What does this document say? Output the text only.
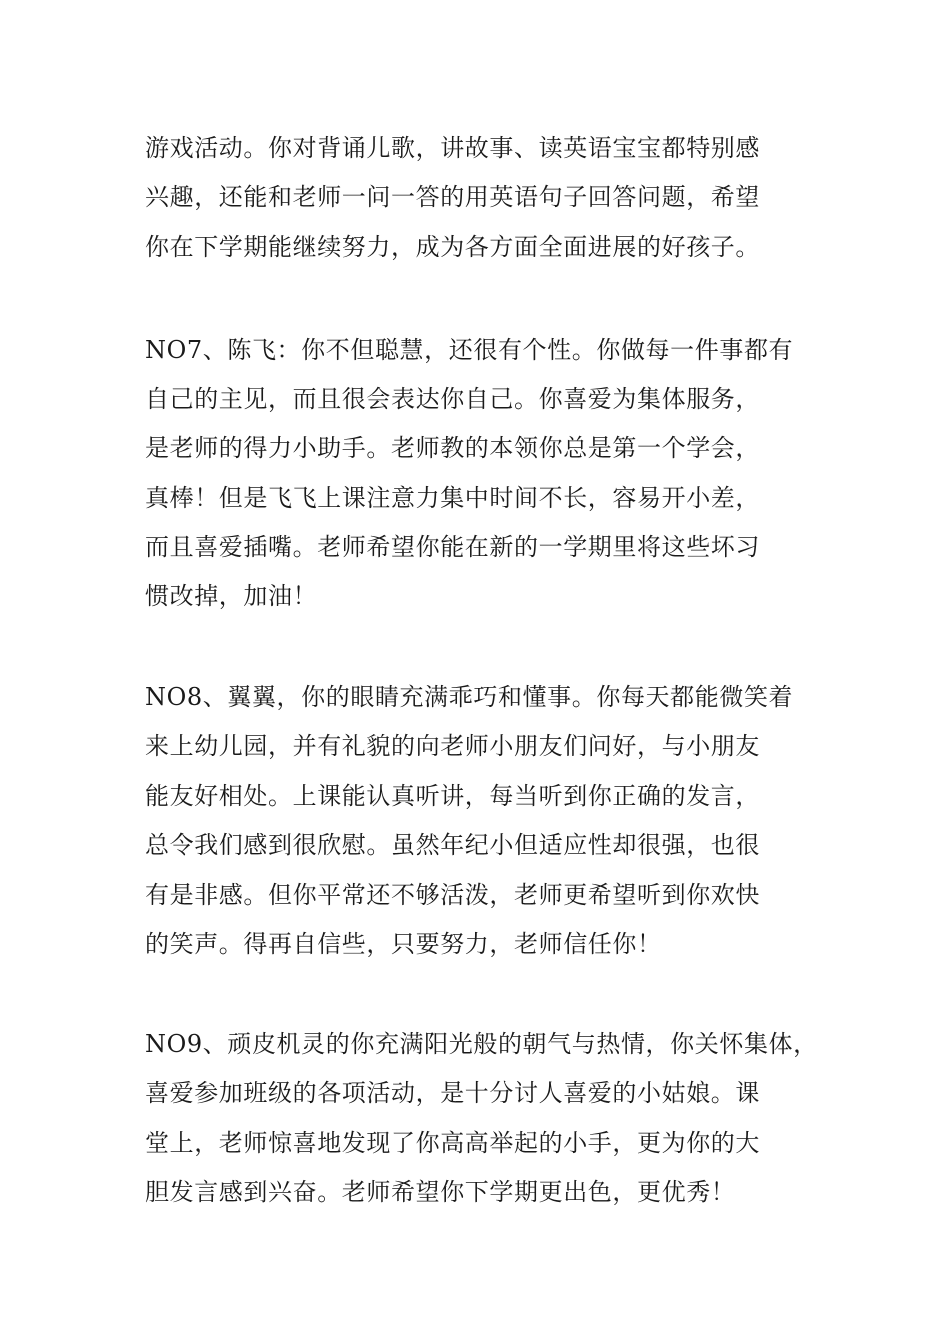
游戏活动。你对背诵儿歌，讲故事、读英语宝宝都特别感
兴趣，还能和老师一问一答的用英语句子回答问题，希望
你在下学期能继续努力，成为各方面全面进展的好孩子。
NO7、陈飞：你不但聪慧，还很有个性。你做每一件事都有
自己的主见，而且很会表达你自己。你喜爱为集体服务，
是老师的得力小助手。老师教的本领你总是第一个学会，
真棒！但是飞飞上课注意力集中时间不长，容易开小差，
而且喜爱插嘴。老师希望你能在新的一学期里将这些坏习
惯改掉，加油！
NO8、翼翼，你的眼睛充满乖巧和懂事。你每天都能微笑着
来上幼儿园，并有礼貌的向老师小朋友们问好，与小朋友
能友好相处。上课能认真听讲，每当听到你正确的发言，
总令我们感到很欣慰。虽然年纪小但适应性却很强，也很
有是非感。但你平常还不够活泼，老师更希望听到你欢快
的笑声。得再自信些，只要努力，老师信任你！
NO9、顽皮机灵的你充满阳光般的朝气与热情，你关怀集体，
喜爱参加班级的各项活动，是十分讨人喜爱的小姑娘。课
堂上，老师惊喜地发现了你高高举起的小手，更为你的大
胆发言感到兴奋。老师希望你下学期更出色，更优秀！
